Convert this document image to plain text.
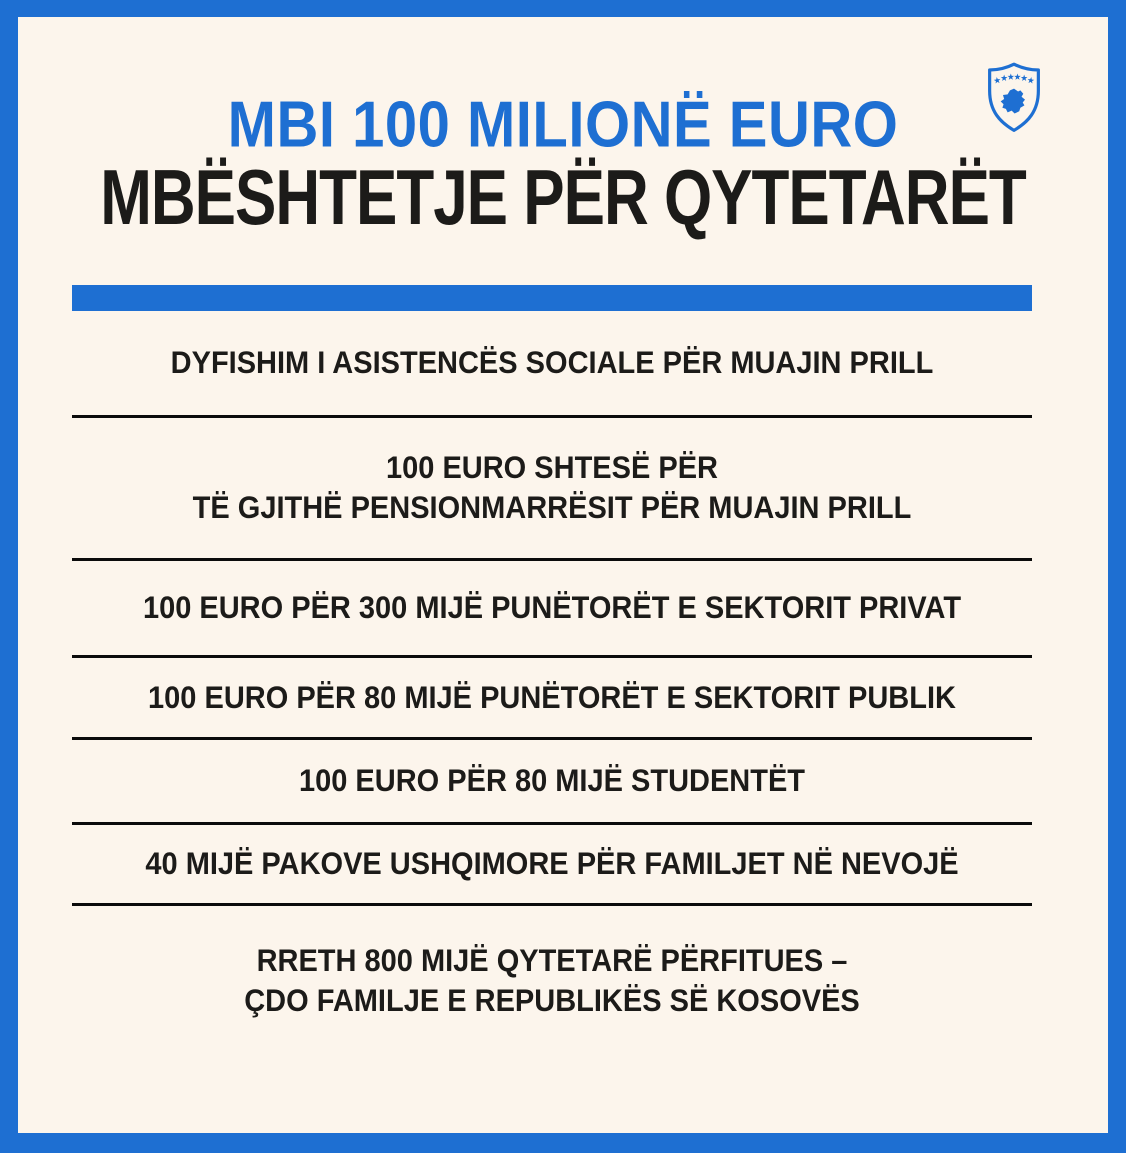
MBI 100 MILIONË EURO
MBËSHTETJE PËR QYTETARËT
DYFISHIM I ASISTENCËS SOCIALE PËR MUAJIN PRILL
100 EURO SHTESË PËR
TË GJITHË PENSIONMARRËSIT PËR MUAJIN PRILL
100 EURO PËR 300 MIJË PUNËTORËT E SEKTORIT PRIVAT
100 EURO PËR 80 MIJË PUNËTORËT E SEKTORIT PUBLIK
100 EURO PËR 80 MIJË STUDENTËT
40 MIJË PAKOVE USHQIMORE PËR FAMILJET NË NEVOJË
RRETH 800 MIJË QYTETARË PËRFITUES –
ÇDO FAMILJE E REPUBLIKËS SË KOSOVËS
